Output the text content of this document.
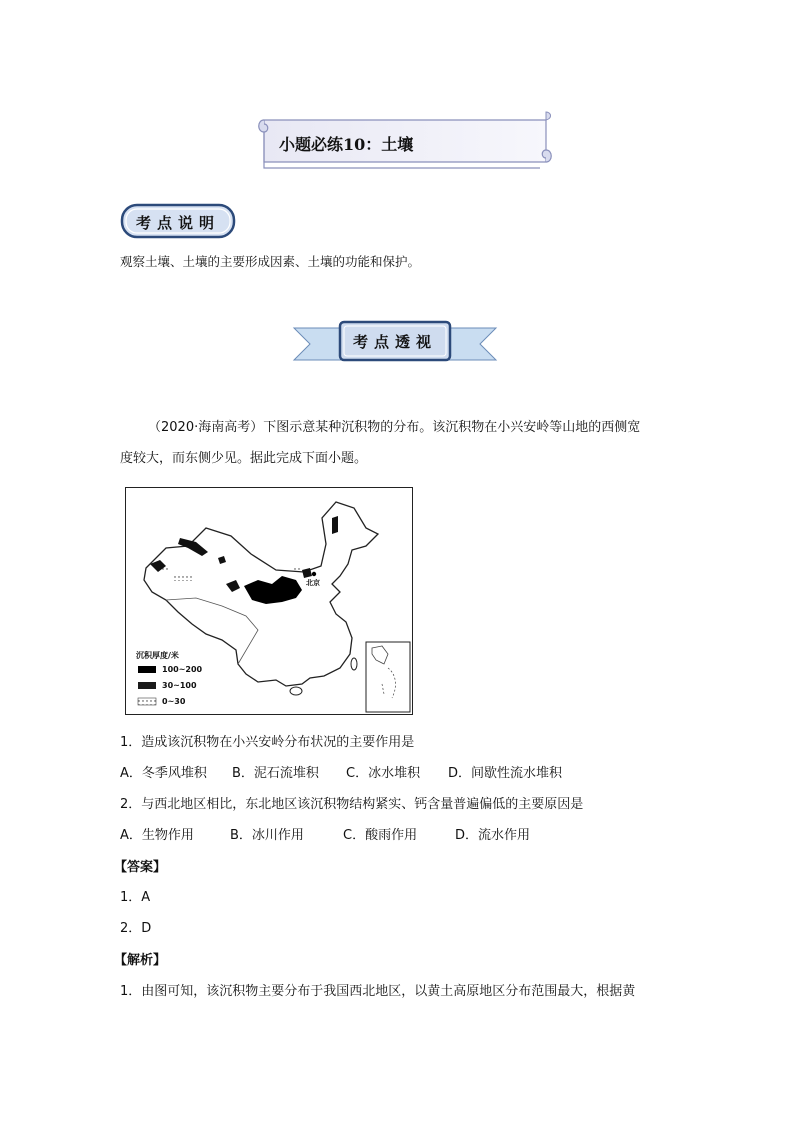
小题必练10：土壤
考点说明
观察土壤、土壤的主要形成因素、土壤的功能和保护。
考点透视
（2020·海南高考）下图示意某种沉积物的分布。该沉积物在小兴安岭等山地的西侧宽
度较大，而东侧少见。据此完成下面小题。
北京
沉积厚度/米
100~200
30~100
0~30
1．造成该沉积物在小兴安岭分布状况的主要作用是
A．冬季风堆积 B．泥石流堆积 C．冰水堆积 D．间歇性流水堆积
2．与西北地区相比，东北地区该沉积物结构紧实、钙含量普遍偏低的主要原因是
A．生物作用	B．冰川作用	C．酸雨作用	D．流水作用
【答案】
1．A
2．D
【解析】
1．由图可知，该沉积物主要分布于我国西北地区，以黄土高原地区分布范围最大，根据黄
